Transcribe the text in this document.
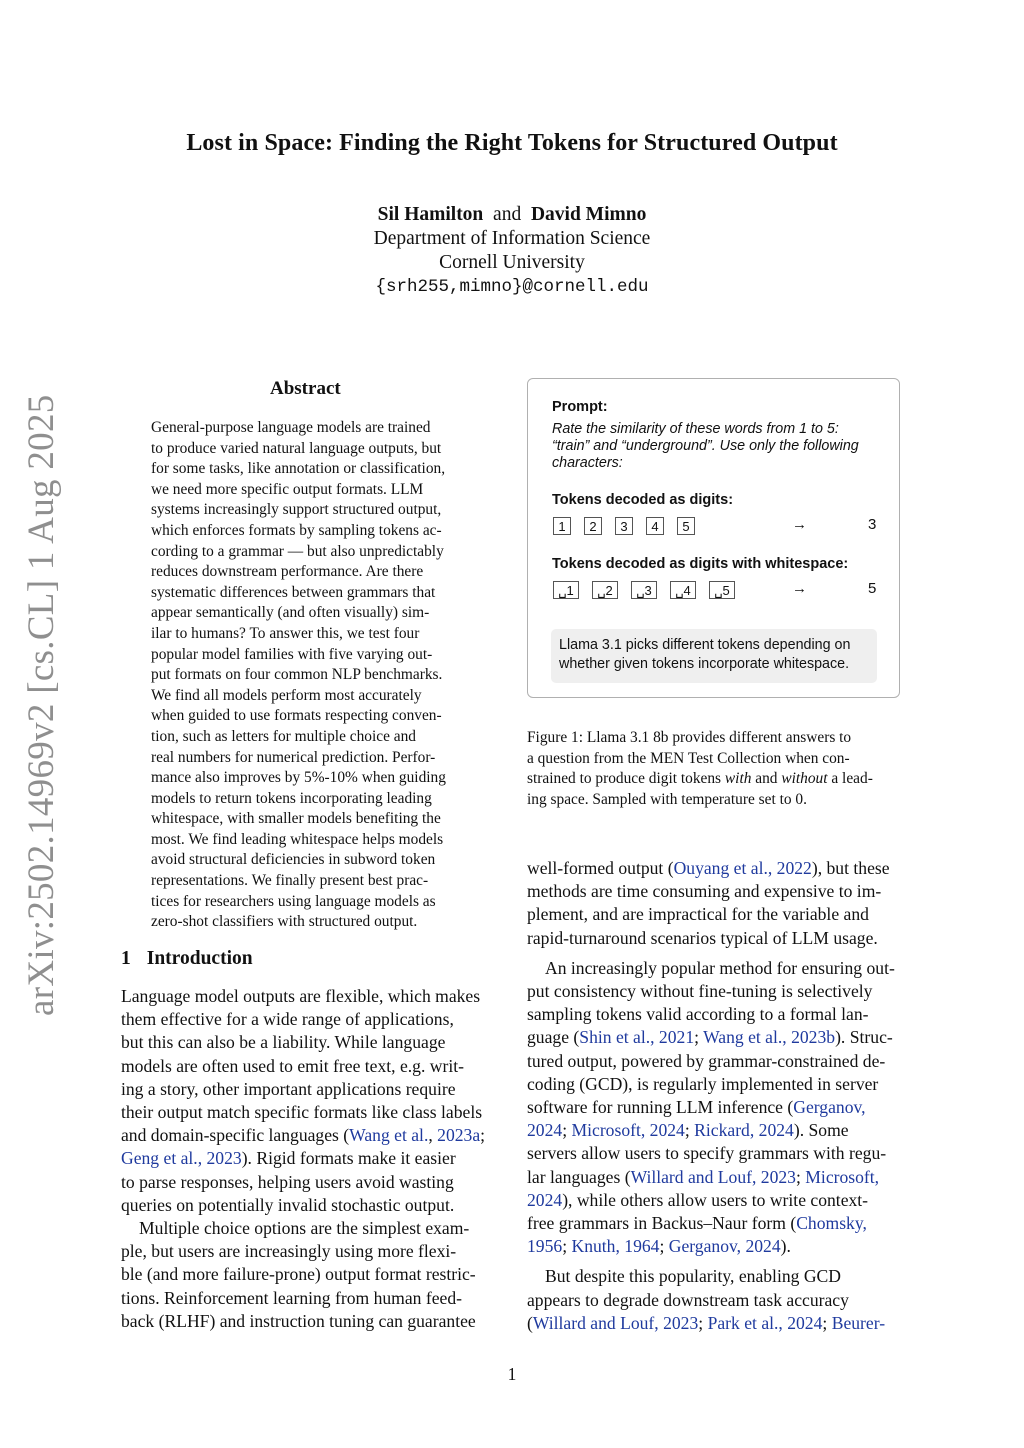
Lost in Space: Finding the Right Tokens for Structured Output
Sil Hamilton and David Mimno
Department of Information Science
Cornell University
{srh255,mimno}@cornell.edu
arXiv:2502.14969v2 [cs.CL] 1 Aug 2025
Abstract
General-purpose language models are trained
to produce varied natural language outputs, but
for some tasks, like annotation or classification,
we need more specific output formats. LLM
systems increasingly support structured output,
which enforces formats by sampling tokens ac-
cording to a grammar — but also unpredictably
reduces downstream performance. Are there
systematic differences between grammars that
appear semantically (and often visually) sim-
ilar to humans? To answer this, we test four
popular model families with five varying out-
put formats on four common NLP benchmarks.
We find all models perform most accurately
when guided to use formats respecting conven-
tion, such as letters for multiple choice and
real numbers for numerical prediction. Perfor-
mance also improves by 5%-10% when guiding
models to return tokens incorporating leading
whitespace, with smaller models benefiting the
most. We find leading whitespace helps models
avoid structural deficiencies in subword token
representations. We finally present best prac-
tices for researchers using language models as
zero-shot classifiers with structured output.
1 Introduction
Language model outputs are flexible, which makes
them effective for a wide range of applications,
but this can also be a liability. While language
models are often used to emit free text, e.g. writ-
ing a story, other important applications require
their output match specific formats like class labels
and domain-specific languages (Wang et al., 2023a;
Geng et al., 2023). Rigid formats make it easier
to parse responses, helping users avoid wasting
queries on potentially invalid stochastic output.
Multiple choice options are the simplest exam-
ple, but users are increasingly using more flexi-
ble (and more failure-prone) output format restric-
tions. Reinforcement learning from human feed-
back (RLHF) and instruction tuning can guarantee
Prompt:
Rate the similarity of these words from 1 to 5:
“train” and “underground”. Use only the following
characters:
Tokens decoded as digits:
1	2	3	4	5	→	3
Tokens decoded as digits with whitespace:
␣1	␣2	␣3	␣4	␣5	→	5
Llama 3.1 picks different tokens depending on
whether given tokens incorporate whitespace.
Figure 1: Llama 3.1 8b provides different answers to
a question from the MEN Test Collection when con-
strained to produce digit tokens with and without a lead-
ing space. Sampled with temperature set to 0.
well-formed output (Ouyang et al., 2022), but these
methods are time consuming and expensive to im-
plement, and are impractical for the variable and
rapid-turnaround scenarios typical of LLM usage.
An increasingly popular method for ensuring out-
put consistency without fine-tuning is selectively
sampling tokens valid according to a formal lan-
guage (Shin et al., 2021; Wang et al., 2023b). Struc-
tured output, powered by grammar-constrained de-
coding (GCD), is regularly implemented in server
software for running LLM inference (Gerganov,
2024; Microsoft, 2024; Rickard, 2024). Some
servers allow users to specify grammars with regu-
lar languages (Willard and Louf, 2023; Microsoft,
2024), while others allow users to write context-
free grammars in Backus–Naur form (Chomsky,
1956; Knuth, 1964; Gerganov, 2024).
But despite this popularity, enabling GCD
appears to degrade downstream task accuracy
(Willard and Louf, 2023; Park et al., 2024; Beurer-
1
